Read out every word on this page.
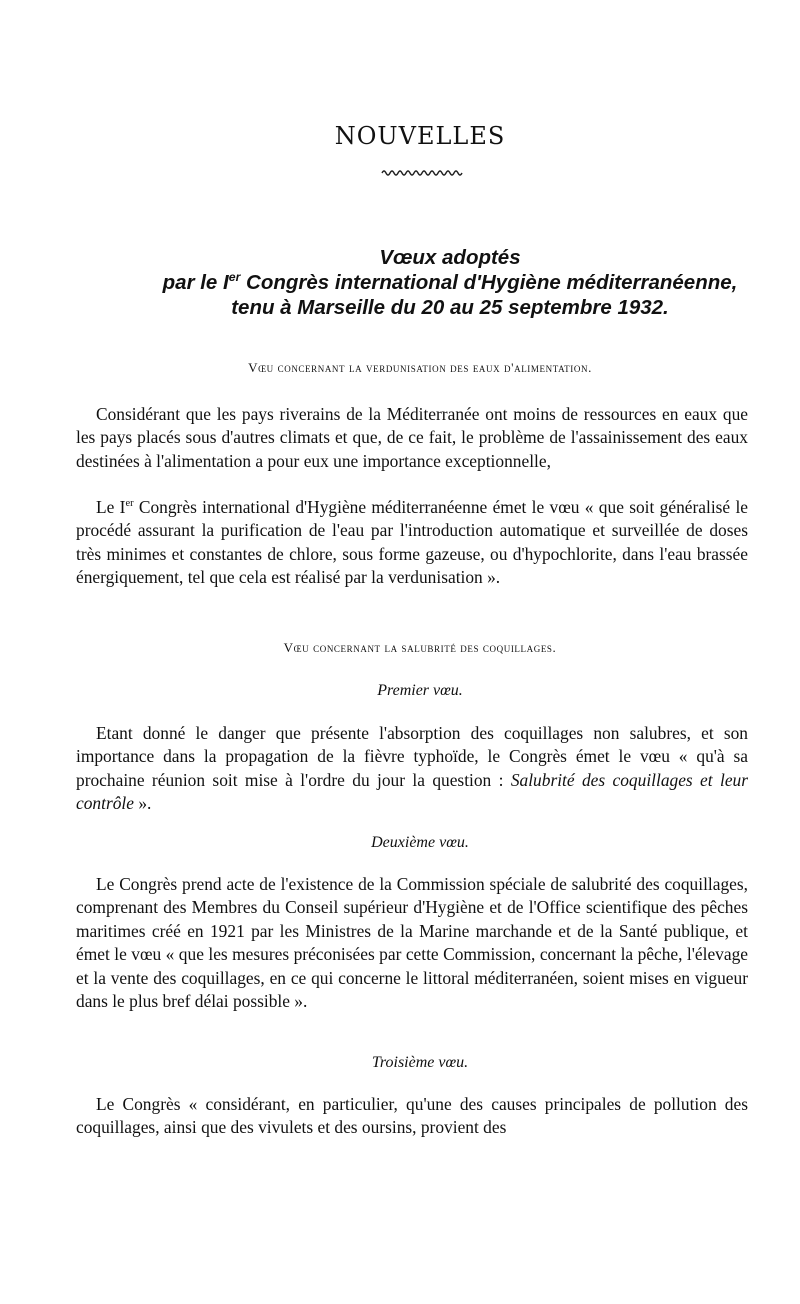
NOUVELLES
Vœux adoptés
par le Ier Congrès international d'Hygiène méditerranéenne,
tenu à Marseille du 20 au 25 septembre 1932.
Vœu concernant la verdunisation des eaux d'alimentation.

Considérant que les pays riverains de la Méditerranée ont moins de ressources en eaux que les pays placés sous d'autres climats et que, de ce fait, le problème de l'assainissement des eaux destinées à l'alimentation a pour eux une importance exceptionnelle,

Le Ier Congrès international d'Hygiène méditerranéenne émet le vœu « que soit généralisé le procédé assurant la purification de l'eau par l'introduction automatique et surveillée de doses très minimes et constantes de chlore, sous forme gazeuse, ou d'hypochlorite, dans l'eau brassée énergiquement, tel que cela est réalisé par la verdunisation ».

Vœu concernant la salubrité des coquillages.
Premier vœu.

Etant donné le danger que présente l'absorption des coquillages non salubres, et son importance dans la propagation de la fièvre typhoïde, le Congrès émet le vœu « qu'à sa prochaine réunion soit mise à l'ordre du jour la question : Salubrité des coquillages et leur contrôle ».

Deuxième vœu.

Le Congrès prend acte de l'existence de la Commission spéciale de salubrité des coquillages, comprenant des Membres du Conseil supérieur d'Hygiène et de l'Office scientifique des pêches maritimes créé en 1921 par les Ministres de la Marine marchande et de la Santé publique, et émet le vœu « que les mesures préconisées par cette Commission, concernant la pêche, l'élevage et la vente des coquillages, en ce qui concerne le littoral méditerranéen, soient mises en vigueur dans le plus bref délai possible ».

Troisième vœu.

Le Congrès « considérant, en particulier, qu'une des causes principales de pollution des coquillages, ainsi que des vivulets et des oursins, provient des
